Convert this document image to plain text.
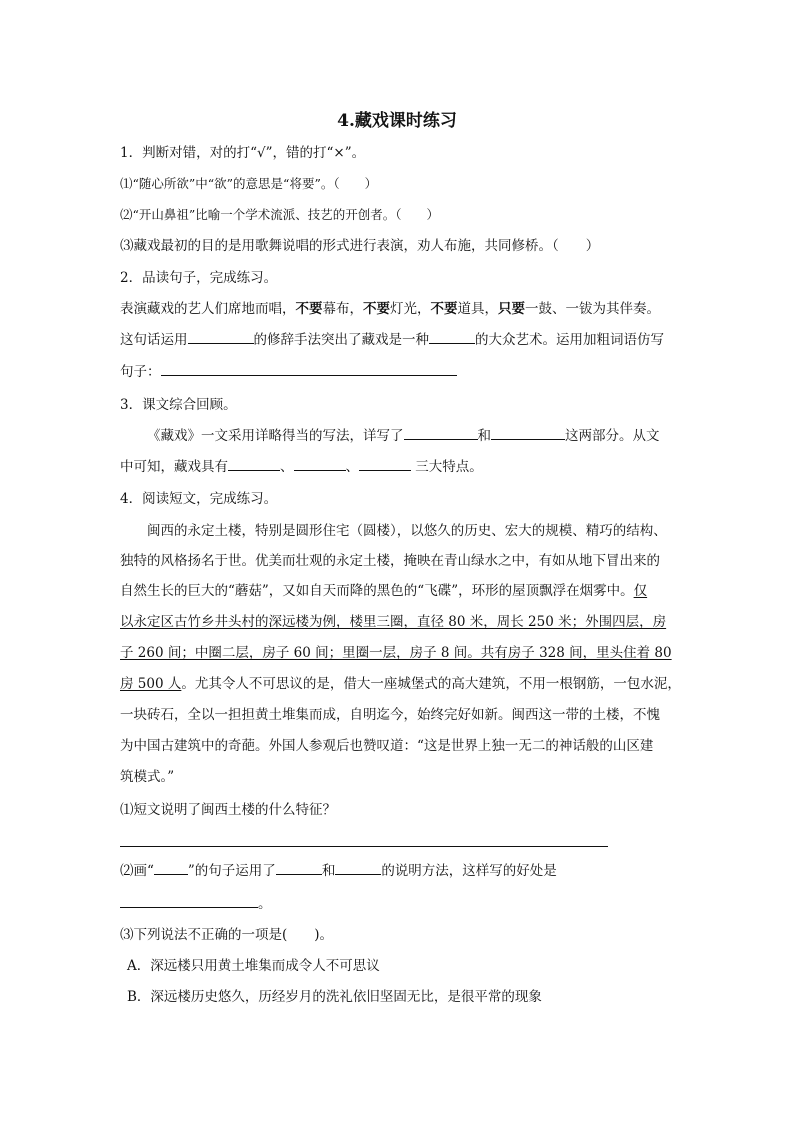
4.藏戏课时练习
1．判断对错，对的打“√”，错的打“×”。
⑴“随心所欲”中“欲”的意思是“将要”。（　　）
⑵“开山鼻祖”比喻一个学术流派、技艺的开创者。（　　）
⑶藏戏最初的目的是用歌舞说唱的形式进行表演，劝人布施，共同修桥。（　　）
2．品读句子，完成练习。
表演藏戏的艺人们席地而唱，不要幕布，不要灯光，不要道具，只要一鼓、一钹为其伴奏。
这句话运用	的修辞手法突出了藏戏是一种	的大众艺术。运用加粗词语仿写
句子：
3．课文综合回顾。
《藏戏》一文采用详略得当的写法，详写了	和	这两部分。从文
中可知，藏戏具有	、	、	三大特点。
4．阅读短文，完成练习。
闽西的永定土楼，特别是圆形住宅（圆楼），以悠久的历史、宏大的规模、精巧的结构、
独特的风格扬名于世。优美而壮观的永定土楼，掩映在青山绿水之中，有如从地下冒出来的
自然生长的巨大的“蘑菇”，又如自天而降的黑色的“飞碟”，环形的屋顶飘浮在烟雾中。仅
以永定区古竹乡井头村的深远楼为例，楼里三圈，直径 80 米，周长 250 米；外围四层，房
子 260 间；中圈二层，房子 60 间；里圈一层，房子 8 间。共有房子 328 间，里头住着 80
房 500 人。尤其令人不可思议的是，借大一座城堡式的高大建筑，不用一根钢筋，一包水泥，
一块砖石，全以一担担黄土堆集而成，自明迄今，始终完好如新。闽西这一带的土楼，不愧
为中国古建筑中的奇葩。外国人参观后也赞叹道：“这是世界上独一无二的神话般的山区建
筑模式。”
⑴短文说明了闽西土楼的什么特征？
⑵画“	”的句子运用了	和	的说明方法，这样写的好处是
。
⑶下列说法不正确的一项是(　　)。
A．深远楼只用黄土堆集而成令人不可思议
B．深远楼历史悠久，历经岁月的洗礼依旧坚固无比，是很平常的现象
